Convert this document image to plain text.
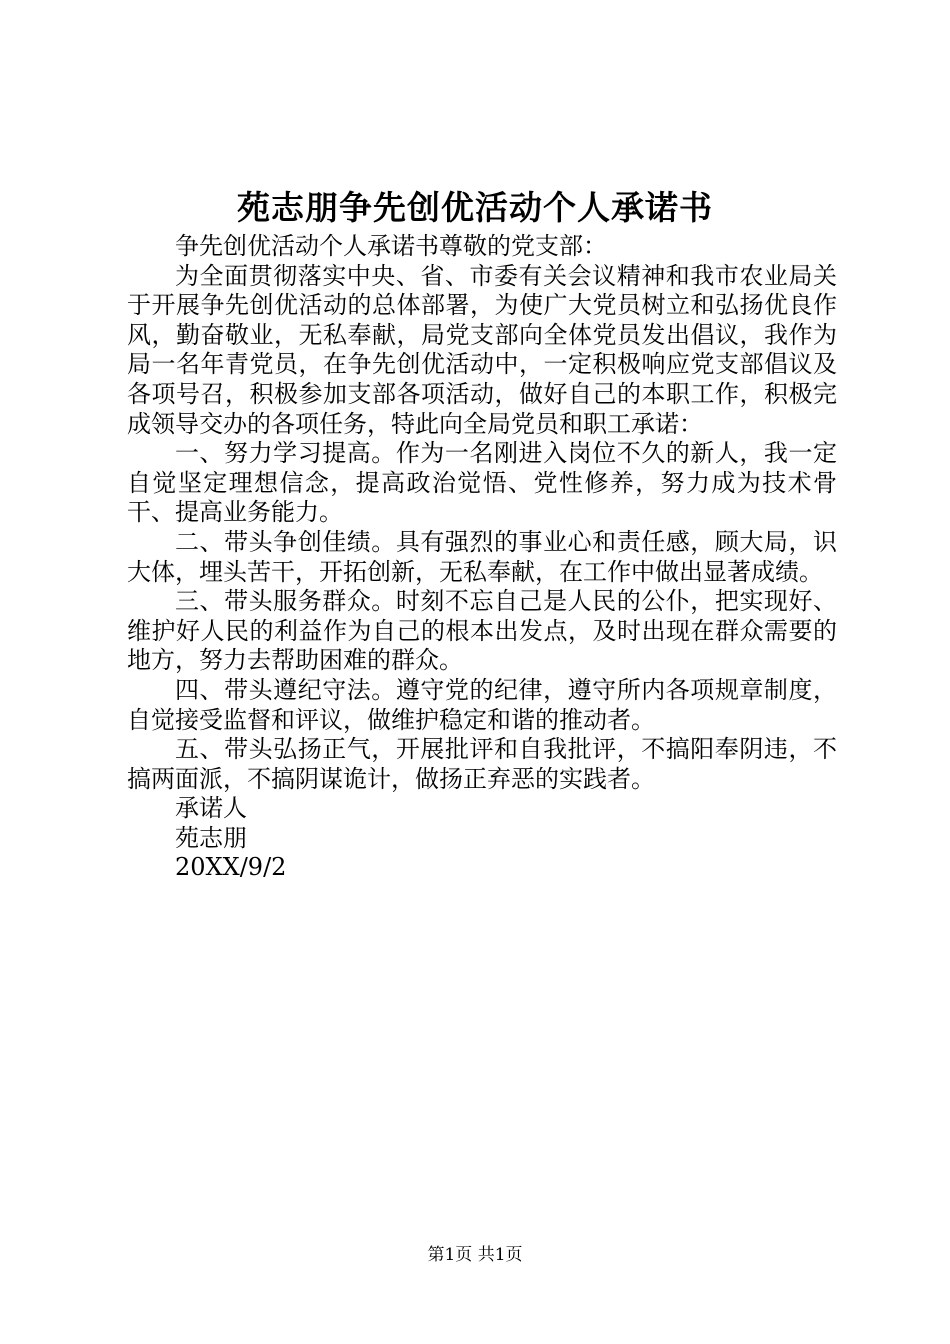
苑志朋争先创优活动个人承诺书

争先创优活动个人承诺书尊敬的党支部：

为全面贯彻落实中央、省、市委有关会议精神和我市农业局关于开展争先创优活动的总体部署，为使广大党员树立和弘扬优良作风，勤奋敬业，无私奉献，局党支部向全体党员发出倡议，我作为局一名年青党员，在争先创优活动中，一定积极响应党支部倡议及各项号召，积极参加支部各项活动，做好自己的本职工作，积极完成领导交办的各项任务，特此向全局党员和职工承诺：

一、努力学习提高。作为一名刚进入岗位不久的新人，我一定自觉坚定理想信念，提高政治觉悟、党性修养，努力成为技术骨干、提高业务能力。

二、带头争创佳绩。具有强烈的事业心和责任感，顾大局，识大体，埋头苦干，开拓创新，无私奉献，在工作中做出显著成绩。

三、带头服务群众。时刻不忘自己是人民的公仆，把实现好、维护好人民的利益作为自己的根本出发点，及时出现在群众需要的地方，努力去帮助困难的群众。

四、带头遵纪守法。遵守党的纪律，遵守所内各项规章制度，自觉接受监督和评议，做维护稳定和谐的推动者。

五、带头弘扬正气，开展批评和自我批评，不搞阳奉阴违，不搞两面派，不搞阴谋诡计，做扬正弃恶的实践者。

承诺人

苑志朋

20XX/9/2

第1页 共1页
